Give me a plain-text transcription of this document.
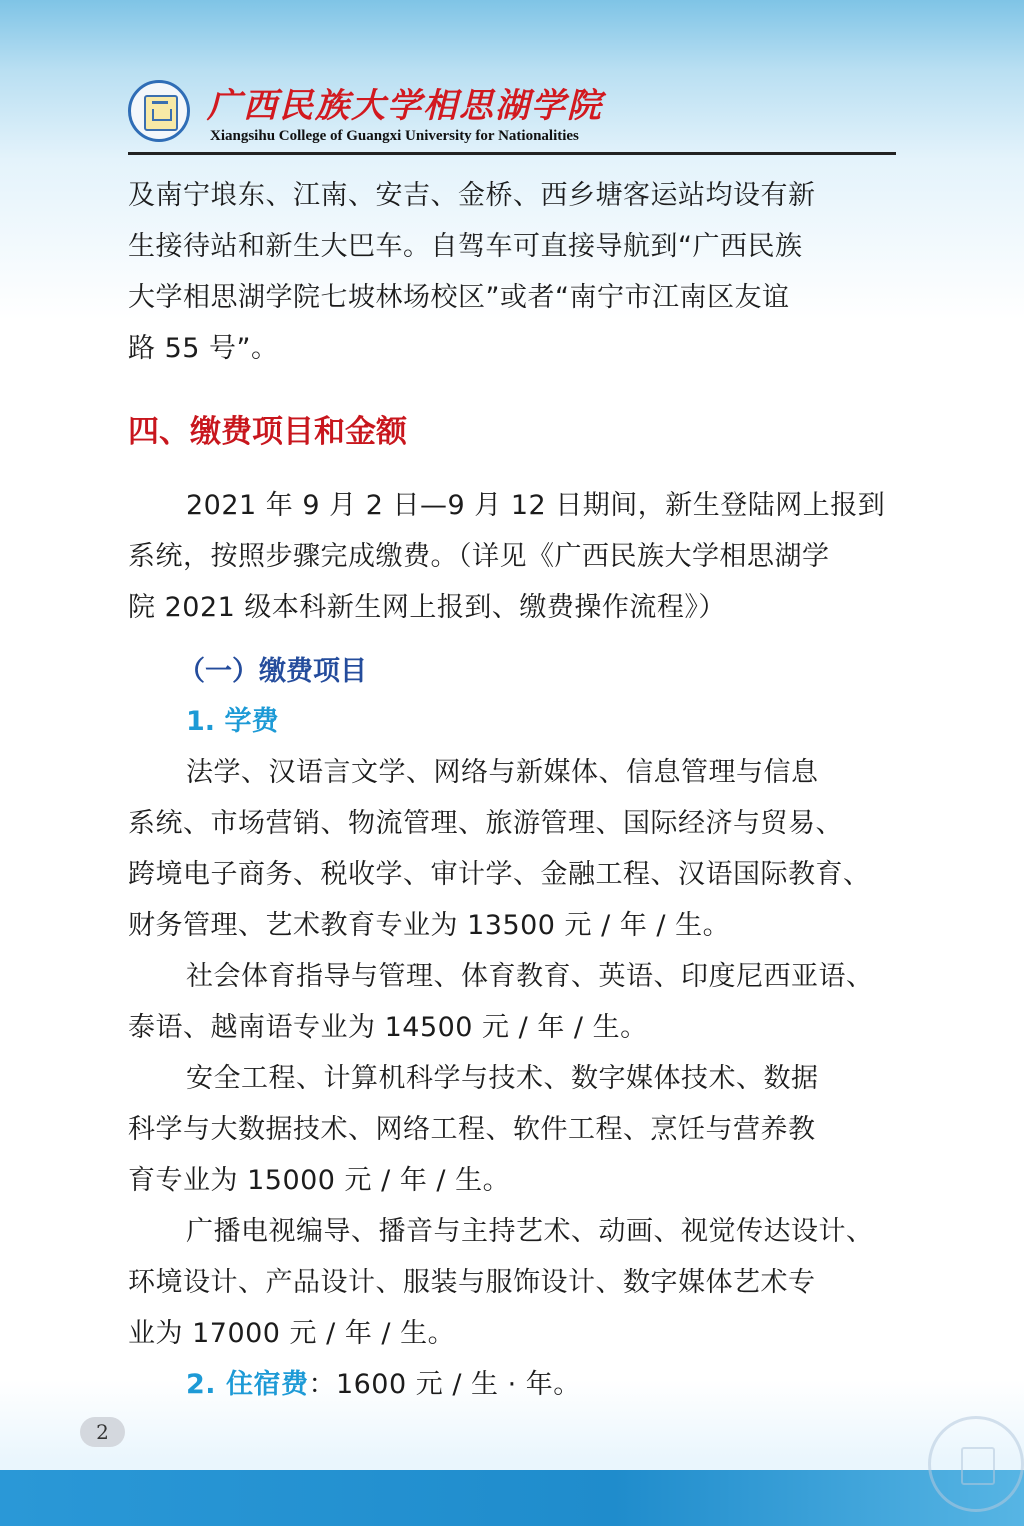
广西民族大学相思湖学院
Xiangsihu College of Guangxi University for Nationalities

及南宁埌东、江南、安吉、金桥、西乡塘客运站均设有新

生接待站和新生大巴车。自驾车可直接导航到“广西民族

大学相思湖学院七坡林场校区”或者“南宁市江南区友谊

路 55 号”。

四、缴费项目和金额

2021 年 9 月 2 日—9 月 12 日期间，新生登陆网上报到

系统，按照步骤完成缴费。（详见《广西民族大学相思湖学

院 2021 级本科新生网上报到、缴费操作流程》）

（一）缴费项目
1. 学费

法学、汉语言文学、网络与新媒体、信息管理与信息

系统、市场营销、物流管理、旅游管理、国际经济与贸易、

跨境电子商务、税收学、审计学、金融工程、汉语国际教育、

财务管理、艺术教育专业为 13500 元 / 年 / 生。

社会体育指导与管理、体育教育、英语、印度尼西亚语、

泰语、越南语专业为 14500 元 / 年 / 生。

安全工程、计算机科学与技术、数字媒体技术、数据

科学与大数据技术、网络工程、软件工程、烹饪与营养教

育专业为 15000 元 / 年 / 生。

广播电视编导、播音与主持艺术、动画、视觉传达设计、

环境设计、产品设计、服装与服饰设计、数字媒体艺术专

业为 17000 元 / 年 / 生。

2. 住宿费：1600 元 / 生 · 年。

2
